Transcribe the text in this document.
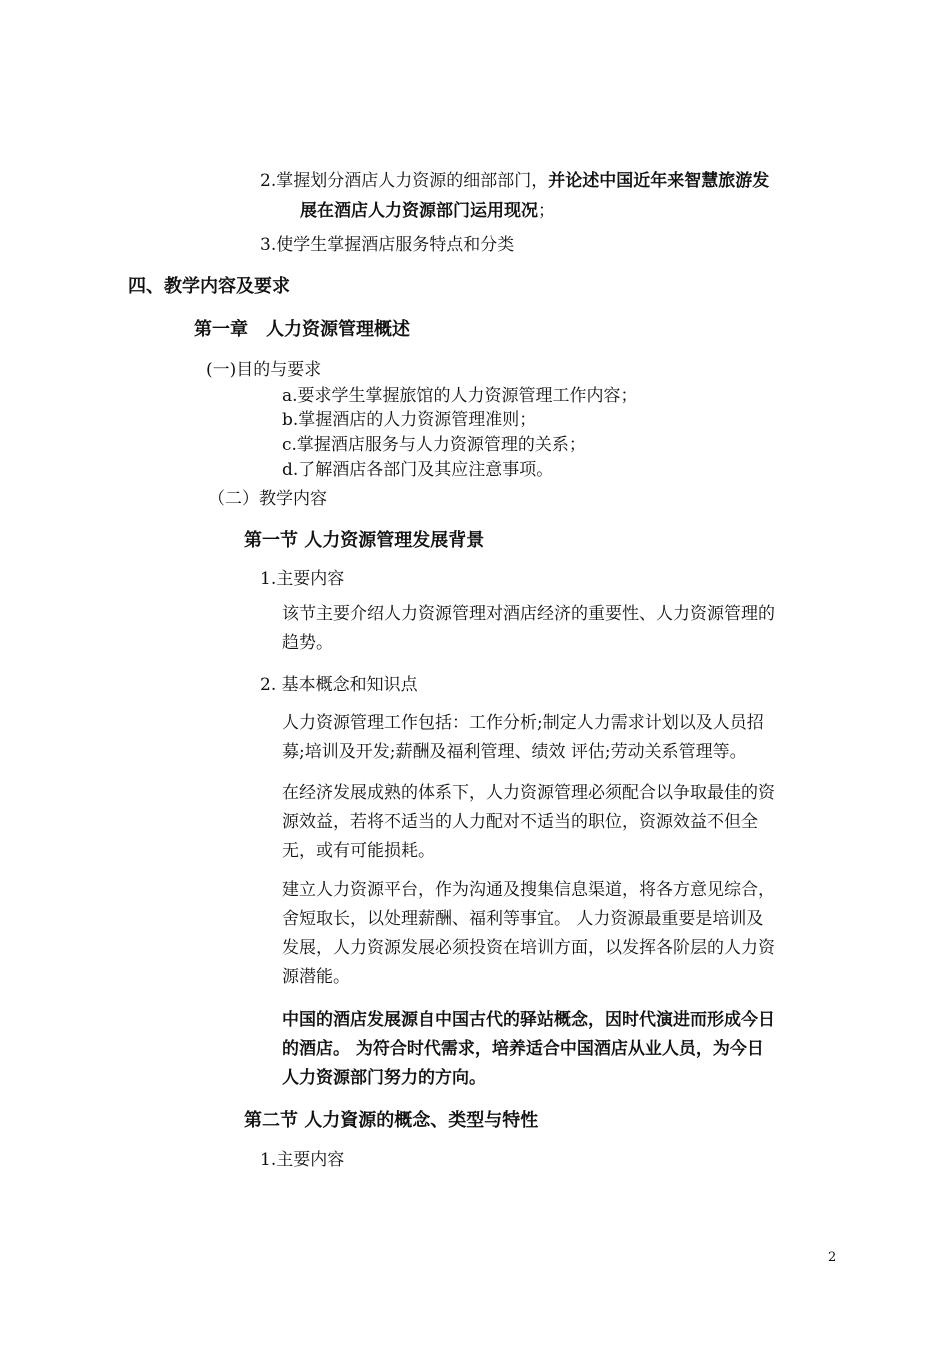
2.掌握划分酒店人力资源的细部部门，并论述中国近年来智慧旅游发
展在酒店人力资源部门运用现况；
3.使学生掌握酒店服务特点和分类
四、教学内容及要求
第一章　人力资源管理概述
(一)目的与要求
a.要求学生掌握旅馆的人力资源管理工作内容；
b.掌握酒店的人力资源管理准则；
c.掌握酒店服务与人力资源管理的关系；
d.了解酒店各部门及其应注意事项。
（二）教学内容
第一节 人力资源管理发展背景
1.主要内容
该节主要介绍人力资源管理对酒店经济的重要性、人力资源管理的
趋势。
2. 基本概念和知识点
人力资源管理工作包括：工作分析;制定人力需求计划以及人员招
募;培训及开发;薪酬及福利管理、绩效 评估;劳动关系管理等。
在经济发展成熟的体系下，人力资源管理必须配合以争取最佳的资
源效益，若将不适当的人力配对不适当的职位，资源效益不但全
无，或有可能损耗。
建立人力资源平台，作为沟通及搜集信息渠道，将各方意见综合，
舍短取长，以处理薪酬、福利等事宜。 人力资源最重要是培训及
发展，人力资源发展必须投资在培训方面，以发挥各阶层的人力资
源潜能。
中国的酒店发展源自中国古代的驿站概念，因时代演进而形成今日
的酒店。 为符合时代需求，培养适合中国酒店从业人员，为今日
人力资源部门努力的方向。
第二节 人力資源的概念、类型与特性
1.主要内容
2
